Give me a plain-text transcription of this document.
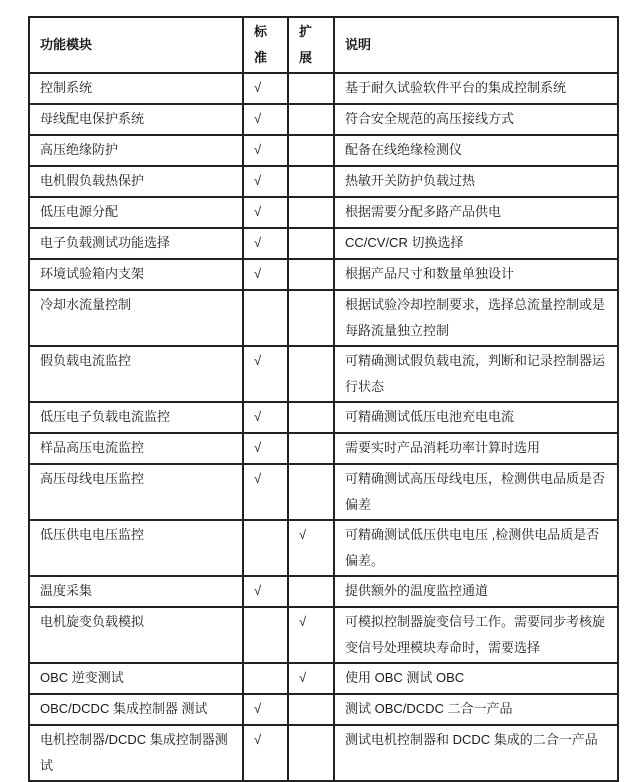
功能模块	标准	扩展	说明
控制系统	√		基于耐久试验软件平台的集成控制系统
母线配电保护系统	√		符合安全规范的高压接线方式
高压绝缘防护	√		配备在线绝缘检测仪
电机假负载热保护	√		热敏开关防护负载过热
低压电源分配	√		根据需要分配多路产品供电
电子负载测试功能选择	√		CC/CV/CR 切换选择
环境试验箱内支架	√		根据产品尺寸和数量单独设计
冷却水流量控制			根据试验冷却控制要求，选择总流量控制或是每路流量独立控制
假负载电流监控	√		可精确测试假负载电流，判断和记录控制器运行状态
低压电子负载电流监控	√		可精确测试低压电池充电电流
样品高压电流监控	√		需要实时产品消耗功率计算时选用
高压母线电压监控	√		可精确测试高压母线电压，检测供电品质是否偏差
低压供电电压监控		√	可精确测试低压供电电压 ,检测供电品质是否偏差。
温度采集	√		提供额外的温度监控通道
电机旋变负载模拟		√	可模拟控制器旋变信号工作。需要同步考核旋变信号处理模块寿命时，需要选择
OBC 逆变测试		√	使用 OBC 测试 OBC
OBC/DCDC 集成控制器 测试	√		测试 OBC/DCDC 二合一产品
电机控制器/DCDC 集成控制器测试	√		测试电机控制器和 DCDC 集成的二合一产品
